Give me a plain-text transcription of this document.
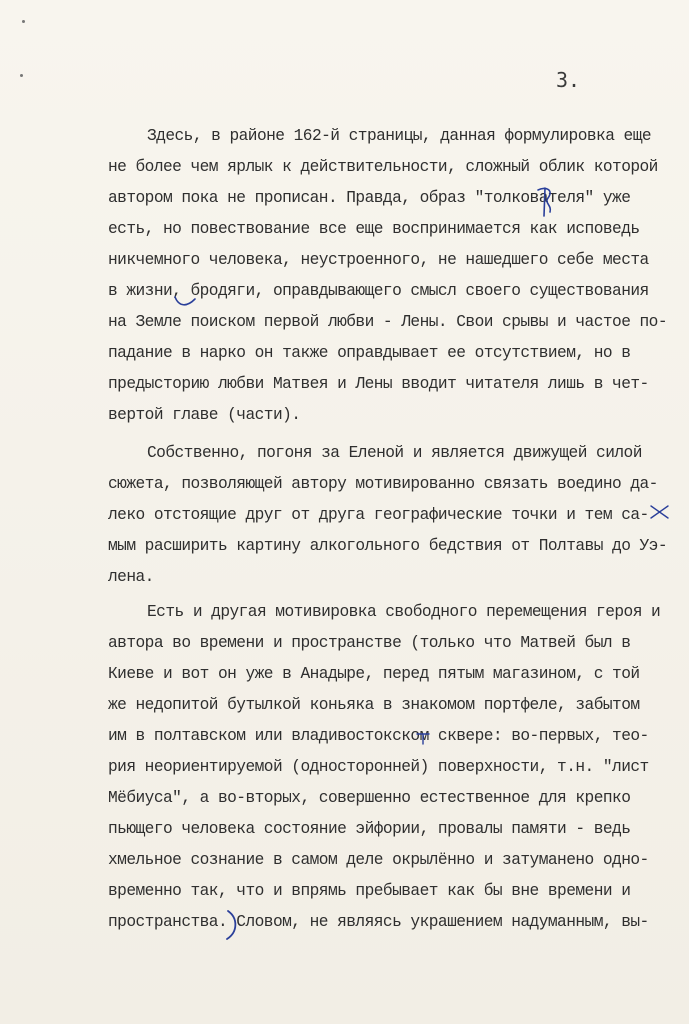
3.
Здесь, в районе 162-й страницы, данная формулировка еще
не более чем ярлык к действительности, сложный облик которой
автором пока не прописан. Правда, образ "толкователя" уже
есть, но повествование все еще воспринимается как исповедь
никчемного человека, неустроенного, не нашедшего себе места
в жизни, бродяги, оправдывающего смысл своего существования
на Земле поиском первой любви - Лены. Свои срывы и частое по-
падание в нарко он также оправдывает ее отсутствием, но в
предысторию любви Матвея и Лены вводит читателя лишь в чет-
вертой главе (части).
Собственно, погоня за Еленой и является движущей силой
сюжета, позволяющей автору мотивированно связать воедино да-
леко отстоящие друг от друга географические точки и тем са-
мым расширить картину алкогольного бедствия от Полтавы до Уэ-
лена.
Есть и другая мотивировка свободного перемещения героя и
автора во времени и пространстве (только что Матвей был в
Киеве и вот он уже в Анадыре, перед пятым магазином, с той
же недопитой бутылкой коньяка в знакомом портфеле, забытом
им в полтавском или владивостокском сквере: во-первых, тео-
рия неориентируемой (односторонней) поверхности, т.н. "лист
Мёбиуса", а во-вторых, совершенно естественное для крепко
пьющего человека состояние эйфории, провалы памяти - ведь
хмельное сознание в самом деле окрылённо и затуманено одно-
временно так, что и впрямь пребывает как бы вне времени и
пространства. Словом, не являясь украшением надуманным, вы-
